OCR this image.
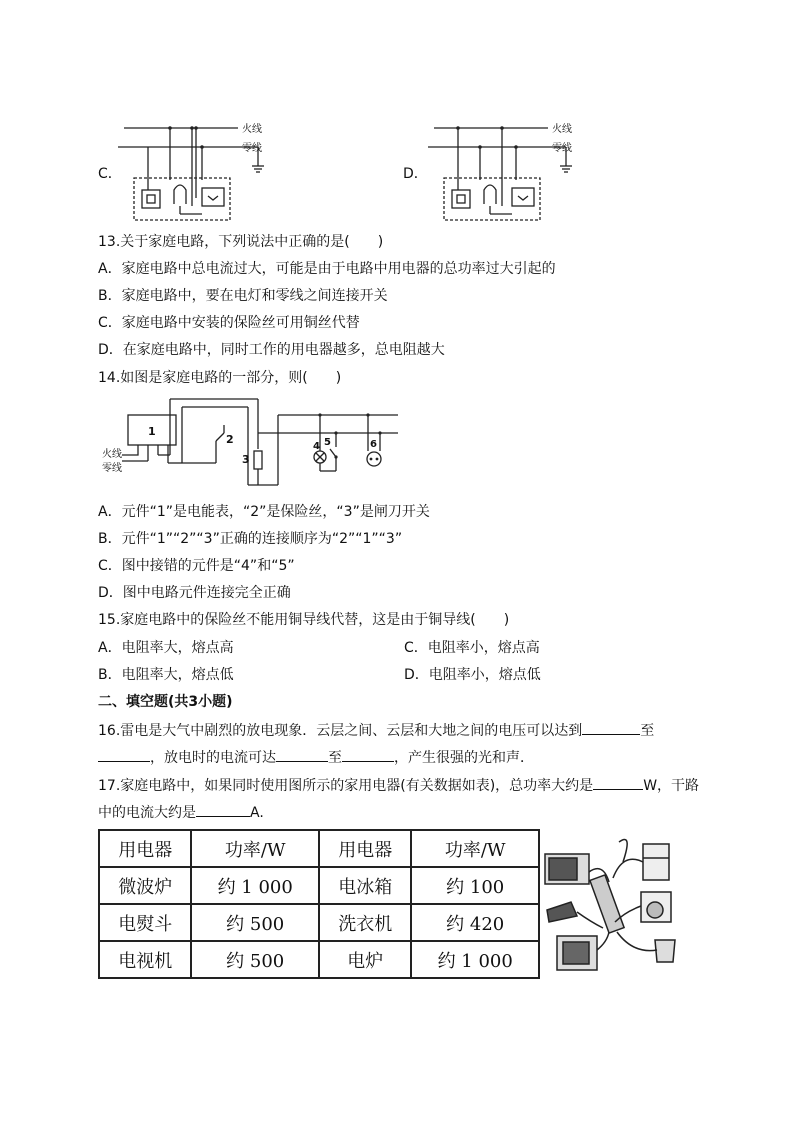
C．
火线
零线
D．
火线
零线
13.关于家庭电路，下列说法中正确的是(　　)
A．家庭电路中总电流过大，可能是由于电路中用电器的总功率过大引起的
B．家庭电路中，要在电灯和零线之间连接开关
C．家庭电路中安装的保险丝可用铜丝代替
D．在家庭电路中，同时工作的用电器越多，总电阻越大
14.如图是家庭电路的一部分，则(　　)
1
2
3
4 5	6
火线
零线
A．元件“1”是电能表，“2”是保险丝，“3”是闸刀开关
B．元件“1”“2”“3”正确的连接顺序为“2”“1”“3”
C．图中接错的元件是“4”和“5”
D．图中电路元件连接完全正确
15.家庭电路中的保险丝不能用铜导线代替，这是由于铜导线(　　)
A．电阻率大，熔点高	C．电阻率小，熔点高
B．电阻率大，熔点低	D．电阻率小，熔点低
二、填空题(共3小题)
16.雷电是大气中剧烈的放电现象．云层之间、云层和大地之间的电压可以达到	至
，放电时的电流可达	至	，产生很强的光和声．
17.家庭电路中，如果同时使用图所示的家用电器(有关数据如表)，总功率大约是	W，干路
中的电流大约是	A.
用电器	功率/W	用电器	功率/W
微波炉	约 1 000	电冰箱	约 100
电熨斗	约 500	洗衣机	约 420
电视机	约 500	电炉	约 1 000
